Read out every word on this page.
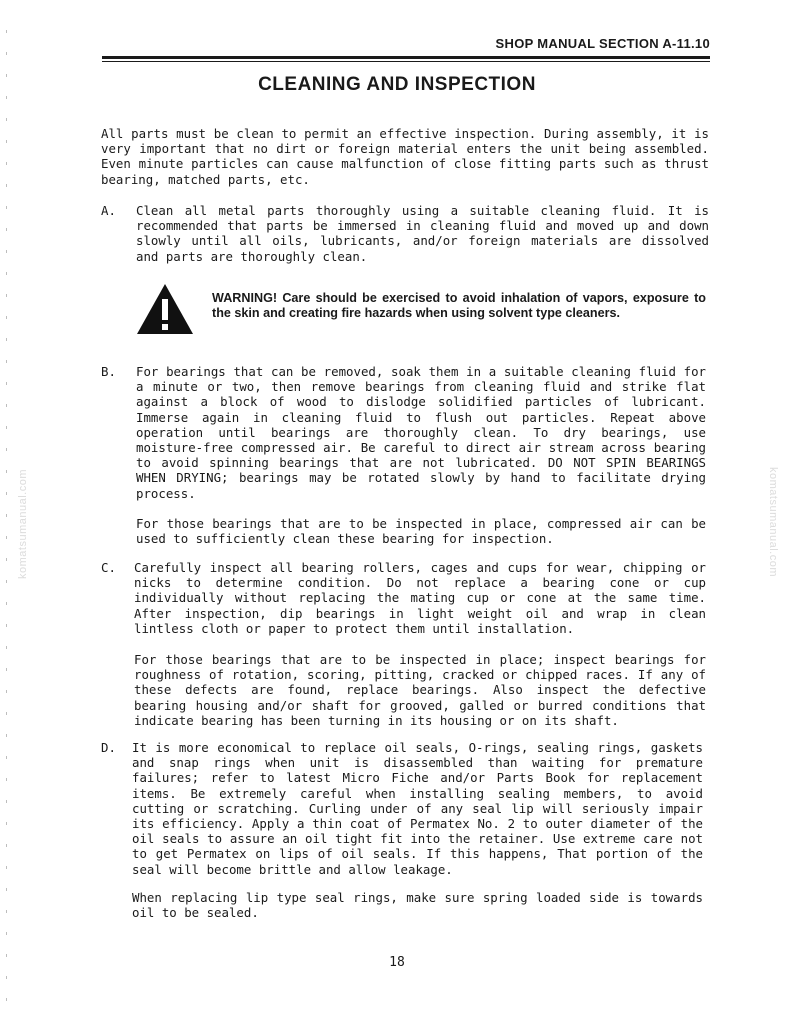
SHOP MANUAL SECTION A-11.10
CLEANING AND INSPECTION

All parts must be clean to permit an effective inspection. During assembly, it is very important that no dirt or foreign material enters the unit being assembled. Even minute particles can cause malfunction of close fitting parts such as thrust bearing, matched parts, etc.

A. Clean all metal parts thoroughly using a suitable cleaning fluid. It is recommended that parts be immersed in cleaning fluid and moved up and down slowly until all oils, lubricants, and/or foreign materials are dissolved and parts are thoroughly clean.

WARNING! Care should be exercised to avoid inhalation of vapors, exposure to the skin and creating fire hazards when using solvent type cleaners.
B. For bearings that can be removed, soak them in a suitable cleaning fluid for a minute or two, then remove bearings from cleaning fluid and strike flat against a block of wood to dislodge solidified particles of lubricant. Immerse again in cleaning fluid to flush out particles. Repeat above operation until bearings are thoroughly clean. To dry bearings, use moisture-free compressed air. Be careful to direct air stream across bearing to avoid spinning bearings that are not lubricated. DO NOT SPIN BEARINGS WHEN DRYING; bearings may be rotated slowly by hand to facilitate drying process.

For those bearings that are to be inspected in place, compressed air can be used to sufficiently clean these bearing for inspection.

C. Carefully inspect all bearing rollers, cages and cups for wear, chipping or nicks to determine condition. Do not replace a bearing cone or cup individually without replacing the mating cup or cone at the same time. After inspection, dip bearings in light weight oil and wrap in clean lintless cloth or paper to protect them until installation.

For those bearings that are to be inspected in place; inspect bearings for roughness of rotation, scoring, pitting, cracked or chipped races. If any of these defects are found, replace bearings. Also inspect the defective bearing housing and/or shaft for grooved, galled or burred conditions that indicate bearing has been turning in its housing or on its shaft.

D. It is more economical to replace oil seals, O-rings, sealing rings, gaskets and snap rings when unit is disassembled than waiting for premature failures; refer to latest Micro Fiche and/or Parts Book for replacement items. Be extremely careful when installing sealing members, to avoid cutting or scratching. Curling under of any seal lip will seriously impair its efficiency. Apply a thin coat of Permatex No. 2 to outer diameter of the oil seals to assure an oil tight fit into the retainer. Use extreme care not to get Permatex on lips of oil seals. If this happens, That portion of the seal will become brittle and allow leakage.

When replacing lip type seal rings, make sure spring loaded side is towards oil to be sealed.

18
komatsumanual.com	komatsumanual.com
